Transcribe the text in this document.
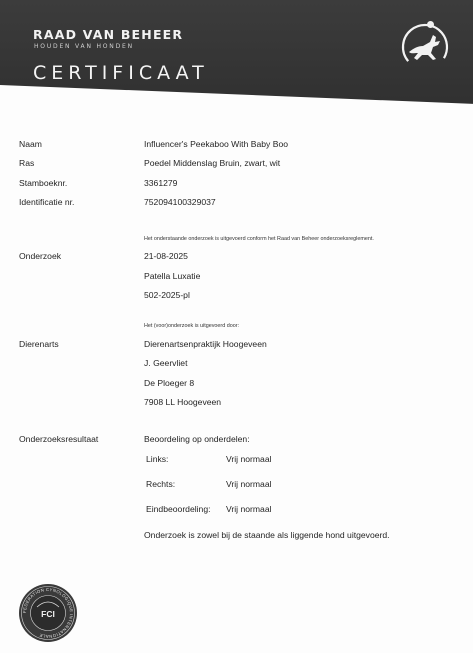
RAAD VAN BEHEER
HOUDEN VAN HONDEN
CERTIFICAAT
Naam	Influencer's Peekaboo With Baby Boo
Ras	Poedel Middenslag Bruin, zwart, wit
Stamboeknr.	3361279
Identificatie nr.	752094100329037
Het onderstaande onderzoek is uitgevoerd conform het Raad van Beheer onderzoeksreglement.
Onderzoek	21-08-2025
Patella Luxatie
502-2025-pl
Het (voor)onderzoek is uitgevoerd door:
Dierenarts	Dierenartsenpraktijk Hoogeveen
J. Geervliet
De Ploeger 8
7908 LL Hoogeveen
Onderzoeksresultaat	Beoordeling op onderdelen:
Links:	Vrij normaal
Rechts:	Vrij normaal
Eindbeoordeling: Vrij normaal
Onderzoek is zowel bij de staande als liggende hond uitgevoerd.
FEDERATION CYNOLOGIQUE INTERNATIONALE
FCI
